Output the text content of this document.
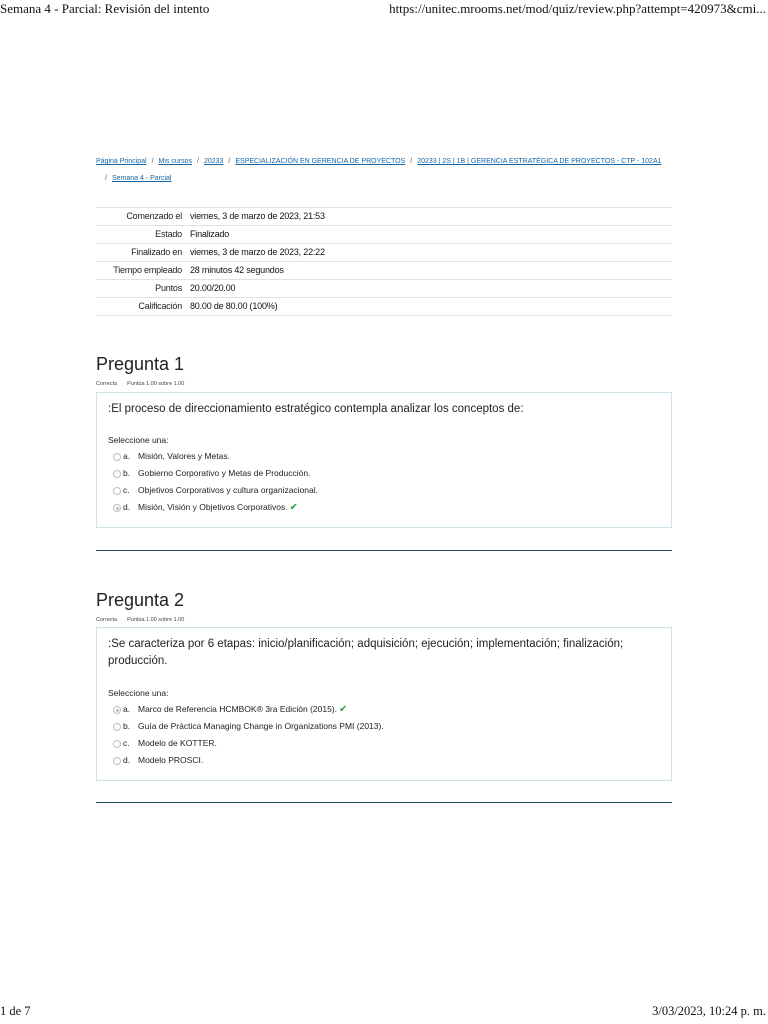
Semana 4 - Parcial: Revisión del intento	https://unitec.mrooms.net/mod/quiz/review.php?attempt=420973&cmi...
Página Principal / Mis cursos / 20233 / ESPECIALIZACIÓN EN GERENCIA DE PROYECTOS / 20233 | 2S | 1B | GERENCIA ESTRATÉGICA DE PROYECTOS - CTP - 102A1
/ Semana 4 - Parcial
Comenzado el	viernes, 3 de marzo de 2023, 21:53
Estado	Finalizado
Finalizado en	viernes, 3 de marzo de 2023, 22:22
Tiempo empleado	28 minutos 42 segundos
Puntos	20.00/20.00
Calificación	80.00 de 80.00 (100%)
Pregunta 1
Correcta Puntúa 1.00 sobre 1.00
:El proceso de direccionamiento estratégico contempla analizar los conceptos de:
Seleccione una:
a. Misión, Valores y Metas.
b. Gobierno Corporativo y Metas de Producción.
c. Objetivos Corporativos y cultura organizacional.
d. Misión, Visión y Objetivos Corporativos. ✔
Pregunta 2
Correcta Puntúa 1.00 sobre 1.00
:Se caracteriza por 6 etapas: inicio/planificación; adquisición; ejecución; implementación; finalización; producción.
Seleccione una:
a. Marco de Referencia HCMBOK® 3ra Edición (2015). ✔
b. Guía de Práctica Managing Change in Organizations PMI (2013).
c. Modelo de KOTTER.
d. Modelo PROSCI.
1 de 7	3/03/2023, 10:24 p. m.
